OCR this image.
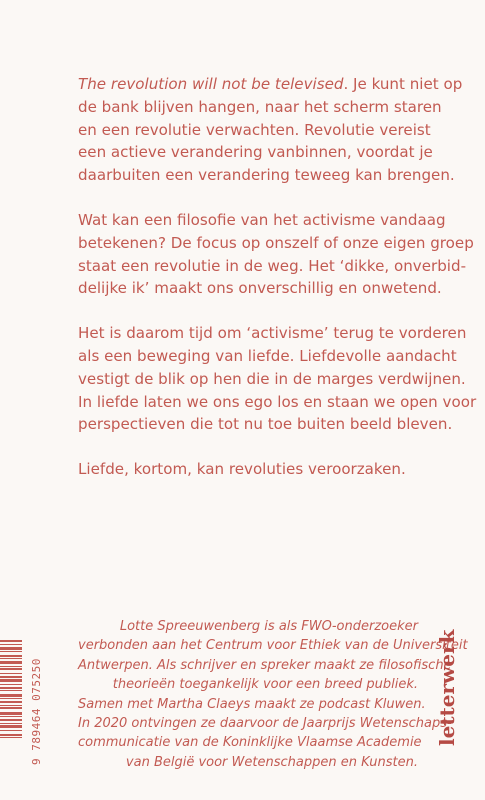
The revolution will not be televised. Je kunt niet op
de bank blijven hangen, naar het scherm staren
en een revolutie verwachten. Revolutie vereist
een actieve verandering vanbinnen, voordat je
daarbuiten een verandering teweeg kan brengen.

Wat kan een filosofie van het activisme vandaag
betekenen? De focus op onszelf of onze eigen groep
staat een revolutie in de weg. Het ‘dikke, onverbid-
delijke ik’ maakt ons onverschillig en onwetend.

Het is daarom tijd om ‘activisme’ terug te vorderen
als een beweging van liefde. Liefdevolle aandacht
vestigt de blik op hen die in de marges verdwijnen.
In liefde laten we ons ego los en staan we open voor
perspectieven die tot nu toe buiten beeld bleven.

Liefde, kortom, kan revoluties veroorzaken.

Lotte Spreeuwenberg is als FWO-onderzoeker
verbonden aan het Centrum voor Ethiek van de Universiteit
Antwerpen. Als schrijver en spreker maakt ze filosofische
theorieën toegankelijk voor een breed publiek.
Samen met Martha Claeys maakt ze podcast Kluwen.
In 2020 ontvingen ze daarvoor de Jaarprijs Wetenschaps-
communicatie van de Koninklijke Vlaamse Academie
van België voor Wetenschappen en Kunsten.
9 789464 075250	letterwerk
